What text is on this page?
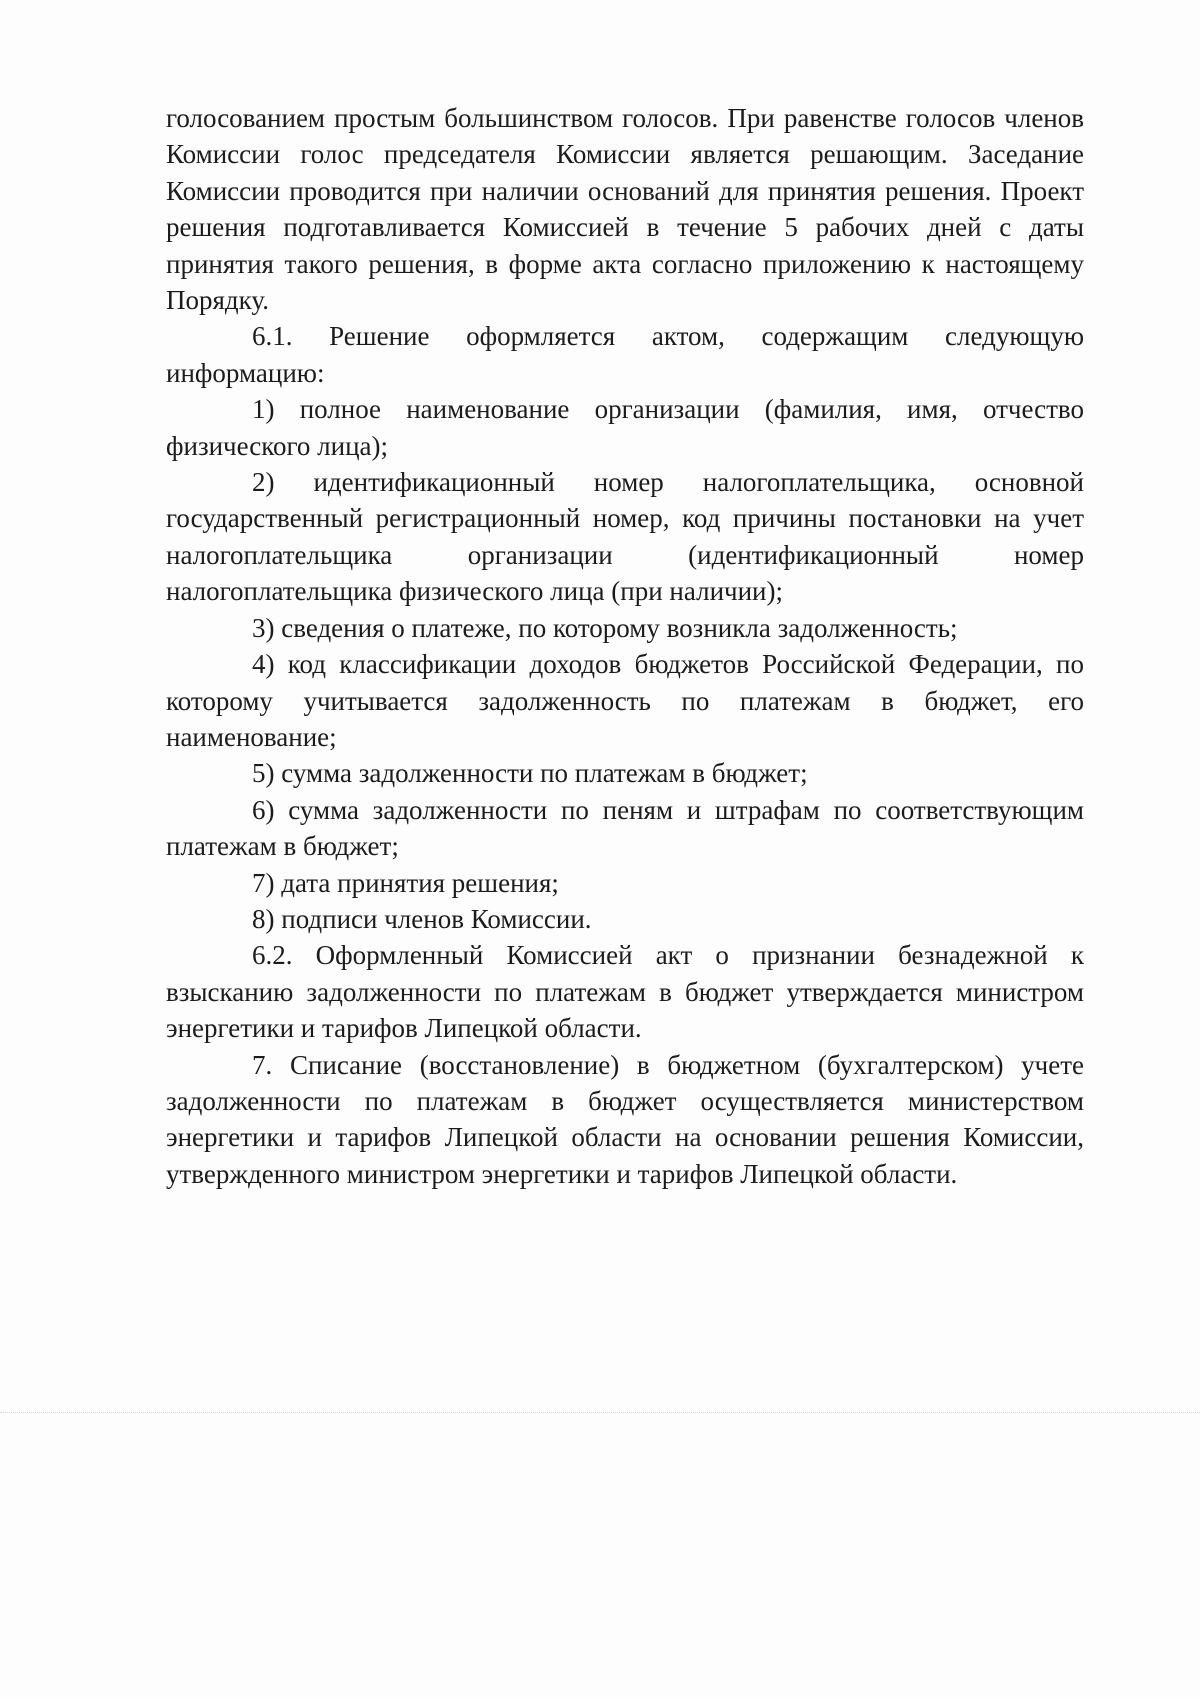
голосованием простым большинством голосов. При равенстве голосов членов Комиссии голос председателя Комиссии является решающим. Заседание Комиссии проводится при наличии оснований для принятия решения. Проект решения подготавливается Комиссией в течение 5 рабочих дней с даты принятия такого решения, в форме акта согласно приложению к настоящему Порядку.

6.1. Решение оформляется актом, содержащим следующую информацию:

1) полное наименование организации (фамилия, имя, отчество физического лица);

2) идентификационный номер налогоплательщика, основной государственный регистрационный номер, код причины постановки на учет налогоплательщика организации (идентификационный номер налогоплательщика физического лица (при наличии);

3) сведения о платеже, по которому возникла задолженность;

4) код классификации доходов бюджетов Российской Федерации, по которому учитывается задолженность по платежам в бюджет, его наименование;

5) сумма задолженности по платежам в бюджет;

6) сумма задолженности по пеням и штрафам по соответствующим платежам в бюджет;

7) дата принятия решения;

8) подписи членов Комиссии.

6.2. Оформленный Комиссией акт о признании безнадежной к взысканию задолженности по платежам в бюджет утверждается министром энергетики и тарифов Липецкой области.

7. Списание (восстановление) в бюджетном (бухгалтерском) учете задолженности по платежам в бюджет осуществляется министерством энергетики и тарифов Липецкой области на основании решения Комиссии, утвержденного министром энергетики и тарифов Липецкой области.
